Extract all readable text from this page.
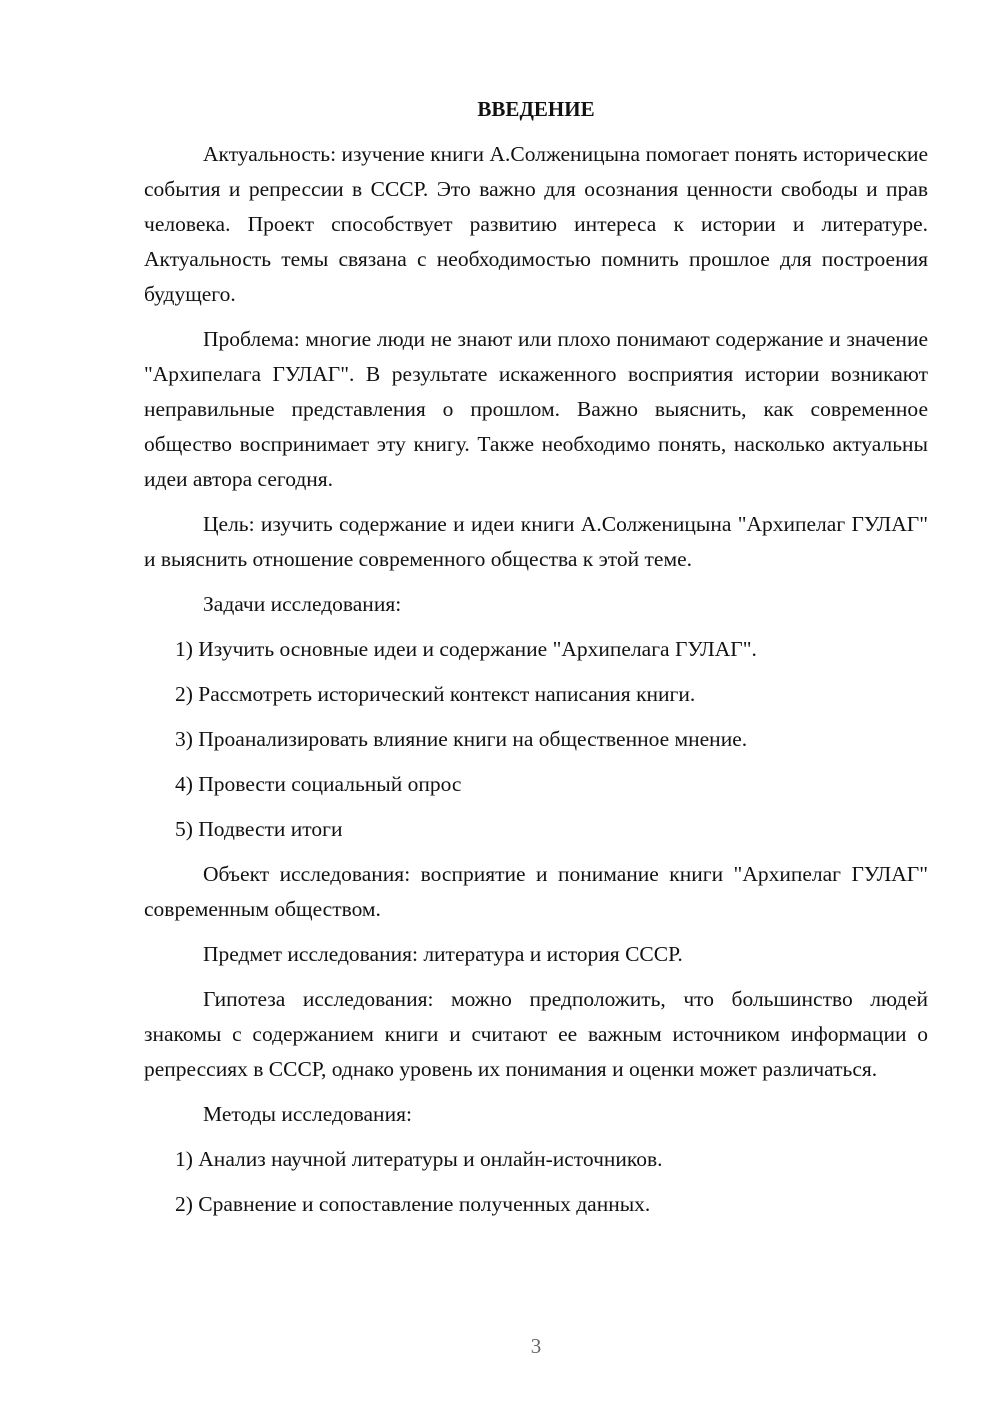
ВВЕДЕНИЕ

Актуальность: изучение книги А.Солженицына помогает понять исторические события и репрессии в СССР. Это важно для осознания ценности свободы и прав человека. Проект способствует развитию интереса к истории и литературе. Актуальность темы связана с необходимостью помнить прошлое для построения будущего.

Проблема: многие люди не знают или плохо понимают содержание и значение "Архипелага ГУЛАГ". В результате искаженного восприятия истории возникают неправильные представления о прошлом. Важно выяснить, как современное общество воспринимает эту книгу. Также необходимо понять, насколько актуальны идеи автора сегодня.

Цель: изучить содержание и идеи книги А.Солженицына "Архипелаг ГУЛАГ" и выяснить отношение современного общества к этой теме.

Задачи исследования:

1) Изучить основные идеи и содержание "Архипелага ГУЛАГ".

2) Рассмотреть исторический контекст написания книги.

3) Проанализировать влияние книги на общественное мнение.

4) Провести социальный опрос

5) Подвести итоги

Объект исследования: восприятие и понимание книги "Архипелаг ГУЛАГ" современным обществом.

Предмет исследования: литература и история СССР.

Гипотеза исследования: можно предположить, что большинство людей знакомы с содержанием книги и считают ее важным источником информации о репрессиях в СССР, однако уровень их понимания и оценки может различаться.

Методы исследования:

1) Анализ научной литературы и онлайн-источников.

2) Сравнение и сопоставление полученных данных.

3
